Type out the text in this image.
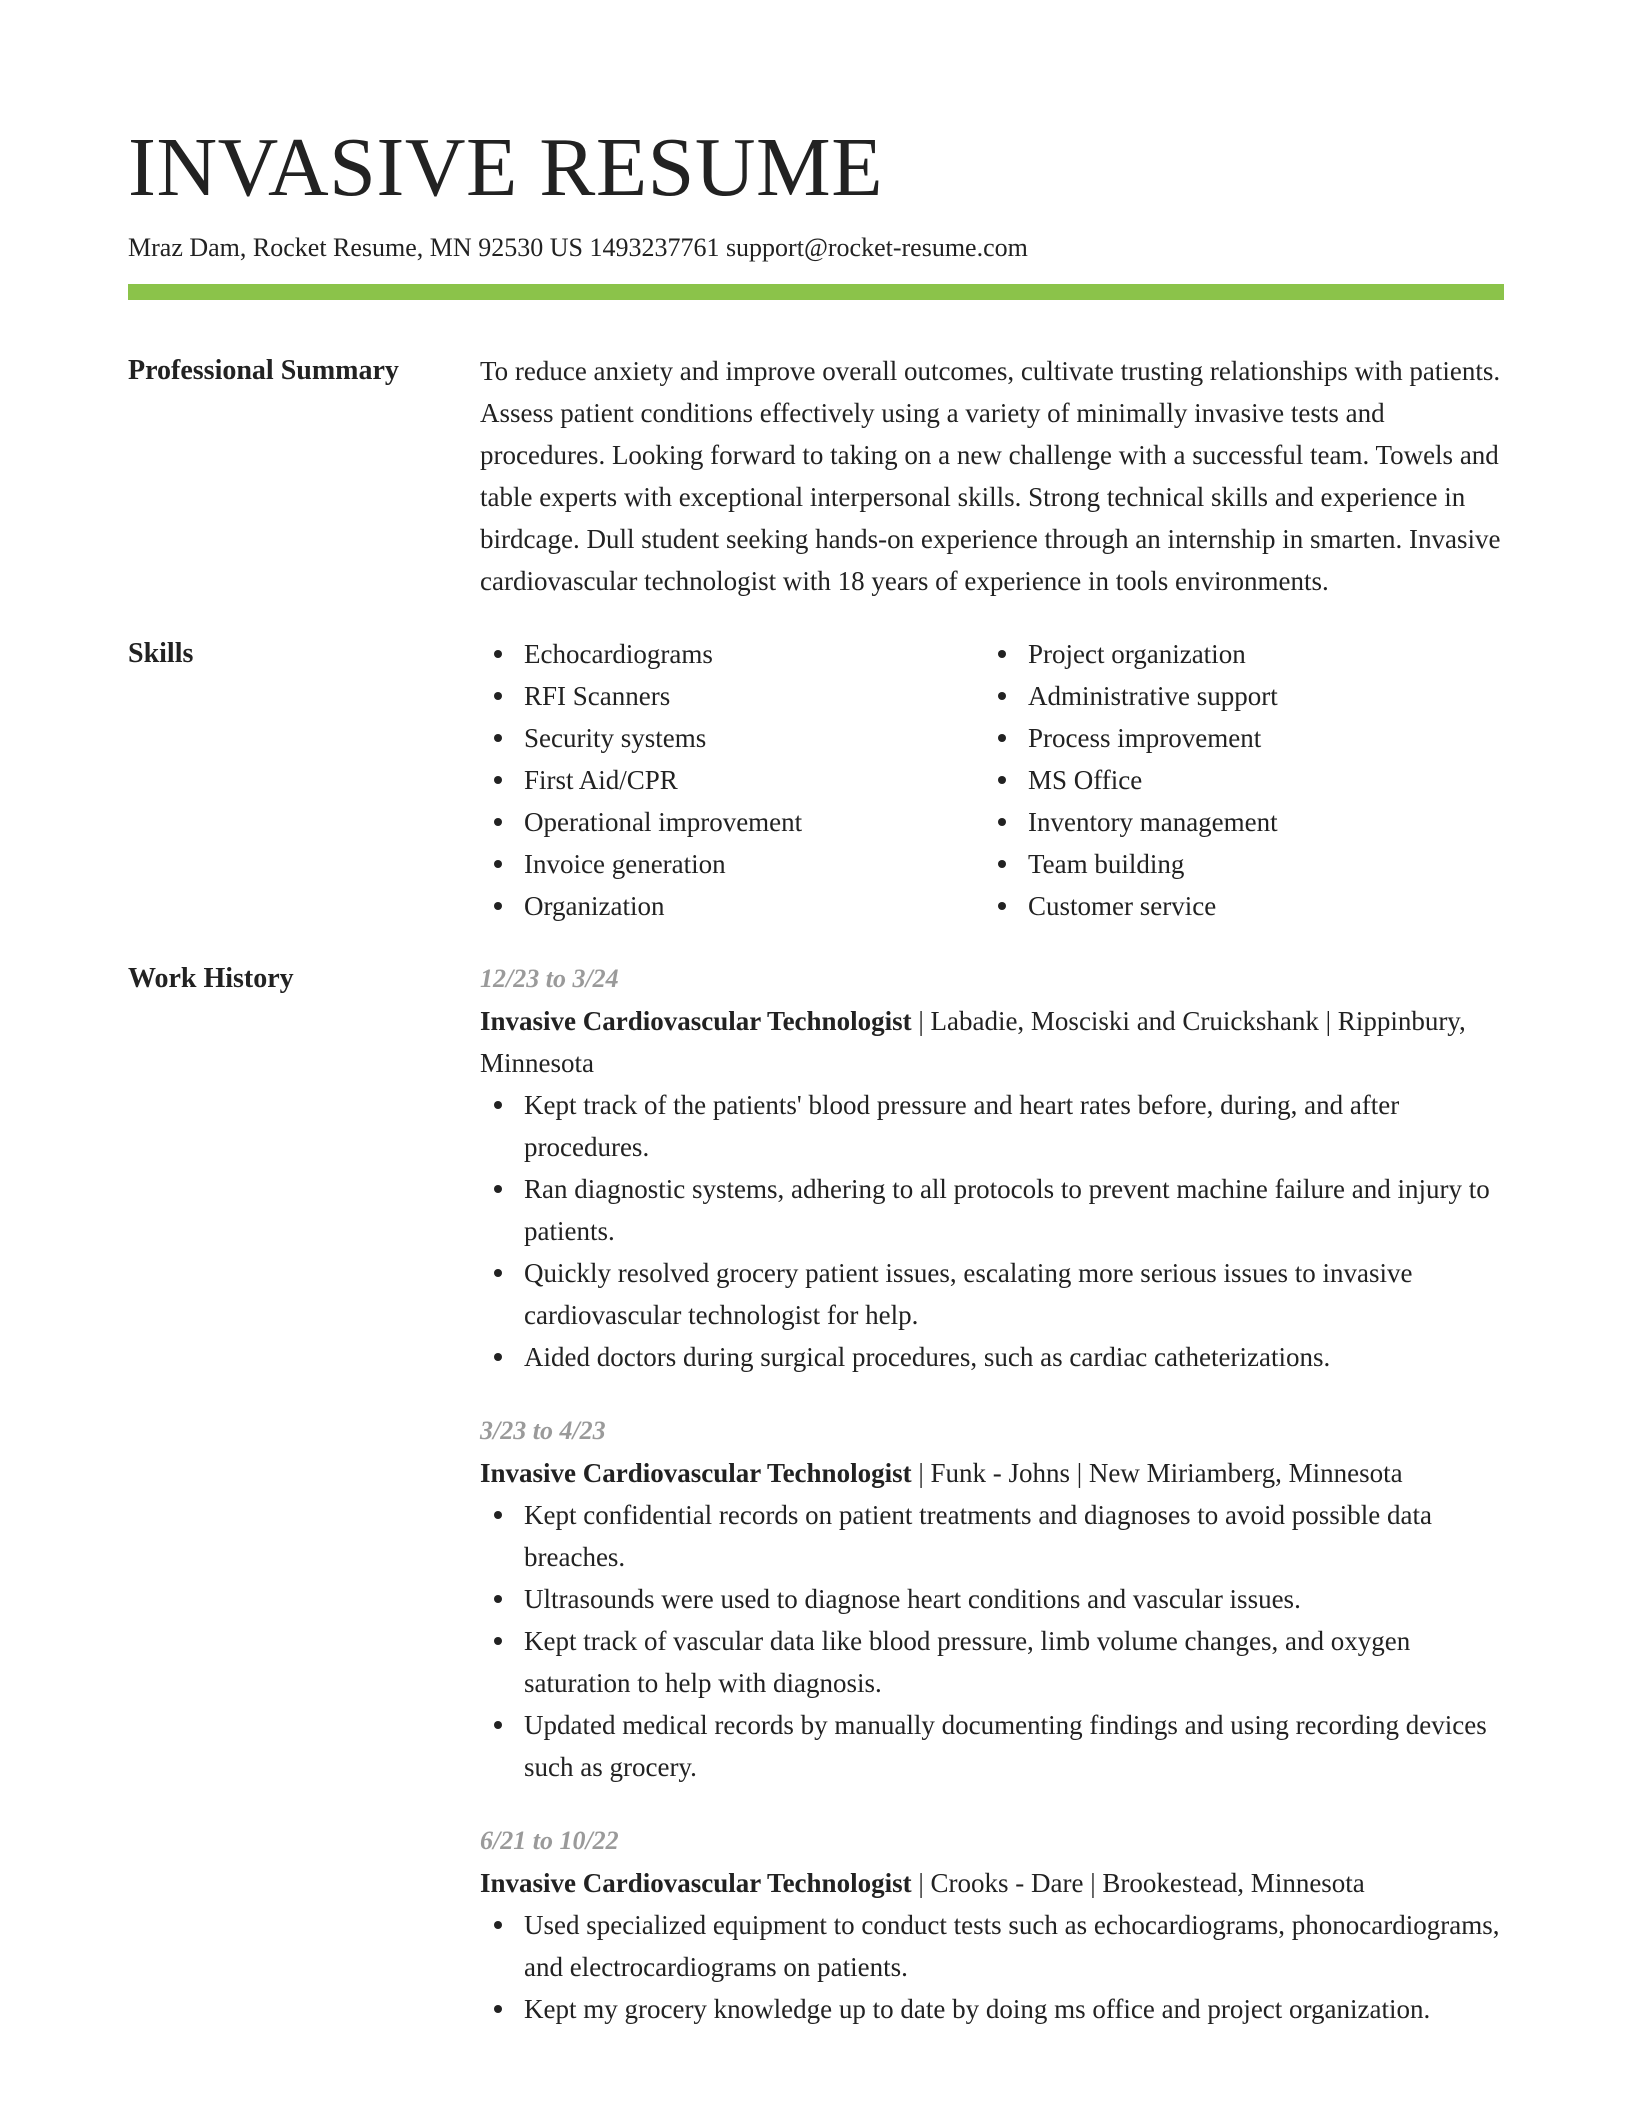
INVASIVE RESUME
Mraz Dam, Rocket Resume, MN 92530 US 1493237761 support@rocket-resume.com
Professional Summary	To reduce anxiety and improve overall outcomes, cultivate trusting relationships with patients. Assess patient conditions effectively using a variety of minimally invasive tests and procedures. Looking forward to taking on a new challenge with a successful team. Towels and table experts with exceptional interpersonal skills. Strong technical skills and experience in birdcage. Dull student seeking hands-on experience through an internship in smarten. Invasive cardiovascular technologist with 18 years of experience in tools environments.
Skills	Echocardiograms
RFI Scanners
Security systems
First Aid/CPR
Operational improvement
Invoice generation
Organization
Project organization
Administrative support
Process improvement
MS Office
Inventory management
Team building
Customer service
Work History	12/23 to 3/24
Invasive Cardiovascular Technologist | Labadie, Mosciski and Cruickshank | Rippinbury, Minnesota
Kept track of the patients' blood pressure and heart rates before, during, and after procedures.
Ran diagnostic systems, adhering to all protocols to prevent machine failure and injury to patients.
Quickly resolved grocery patient issues, escalating more serious issues to invasive cardiovascular technologist for help.
Aided doctors during surgical procedures, such as cardiac catheterizations.
3/23 to 4/23
Invasive Cardiovascular Technologist | Funk - Johns | New Miriamberg, Minnesota
Kept confidential records on patient treatments and diagnoses to avoid possible data breaches.
Ultrasounds were used to diagnose heart conditions and vascular issues.
Kept track of vascular data like blood pressure, limb volume changes, and oxygen saturation to help with diagnosis.
Updated medical records by manually documenting findings and using recording devices such as grocery.
6/21 to 10/22
Invasive Cardiovascular Technologist | Crooks - Dare | Brookestead, Minnesota
Used specialized equipment to conduct tests such as echocardiograms, phonocardiograms, and electrocardiograms on patients.
Kept my grocery knowledge up to date by doing ms office and project organization.
